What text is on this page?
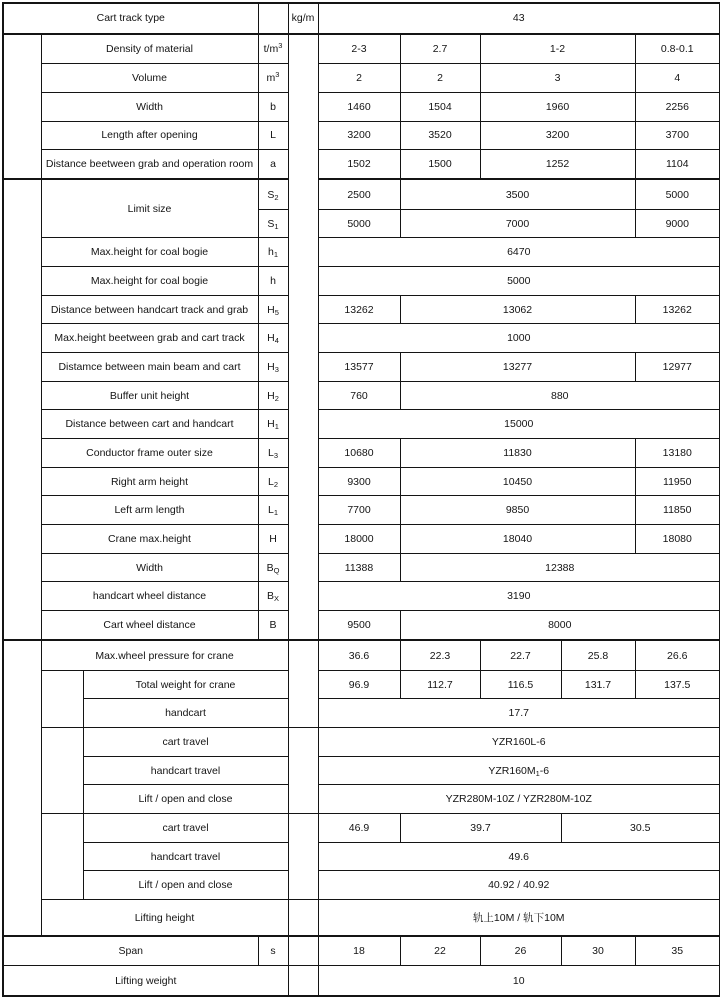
Cart track type				kg/m	43				
	Density of material		$t/m^3$		2-3	2.7	1-2		0.8-0.1
	Volume		$m^3$		2	2	3		4
	Width		b		1460	1504	1960		2256
	Length after opening		L		3200	3520	3200		3700
	Distance beetween grab and operation room		a		1502	1500	1252		1104
	Limit size		$S_2$		2500	3500			5000
			$S_1$		5000	7000			9000
	Max.height for coal bogie		$h_1$		6470				
	Max.height for coal bogie		h		5000				
	Distance between handcart track and grab		$H_5$		13262	13062			13262
	Max.height beetween grab and cart track		$H_4$		1000				
	Distamce between main beam and cart		$H_3$		13577	13277			12977
	Buffer unit height		$H_2$		760	880			
	Distance between cart and handcart		$H_1$		15000				
	Conductor frame outer size		$L_3$		10680	11830			13180
	Right arm height		$L_2$		9300	10450			11950
	Left arm length		$L_1$		7700	9850			11850
	Crane max.height		H		18000	18040			18080
	Width		$B_Q$		11388	12388			
	handcart wheel distance		$B_X$		3190				
	Cart wheel distance		B		9500	8000			
	Max.wheel pressure for crane				36.6	22.3	22.7	25.8	26.6
		Total weight for crane			96.9	112.7	116.5	131.7	137.5
		handcart			17.7				
		cart travel			YZR160L-6				
		handcart travel			$YZR160M_1-6$				
		Lift / open and close			YZR280M-10Z / YZR280M-10Z				
		cart travel			46.9	39.7		30.5	
		handcart travel			49.6				
		Lift / open and close			40.92 / 40.92				
	Lifting height				轨上10M / 轨下10M				
Span			s		18	22	26	30	35
Lifting weight					10				
